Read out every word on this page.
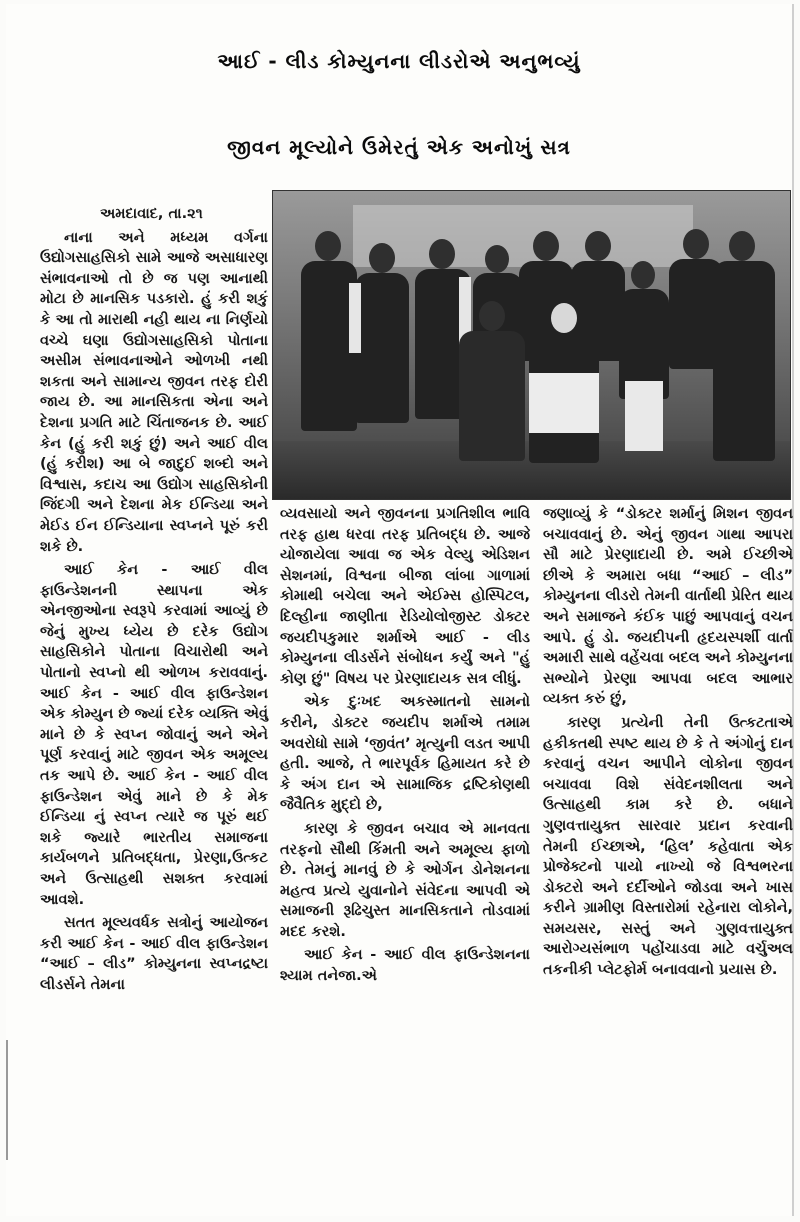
આઈ - લીડ કોમ્યુનના લીડરોએ અનુભવ્યું
જીવન મૂલ્યોને ઉમેરતું એક અનોખું સત્ર

અમદાવાદ, તા.૨૧

નાના અને મધ્યમ વર્ગના ઉદ્યોગસાહસિકો સામે આજે અસાધારણ સંભાવનાઓ તો છે જ પણ આનાથી મોટા છે માનસિક પડકારો. હું કરી શકું કે આ તો મારાથી નહી થાય ના નિર્ણયો વચ્ચે ઘણા ઉદ્યોગસાહસિકો પોતાના અસીમ સંભાવનાઓને ઓળખી નથી શકતા અને સામાન્ય જીવન તરફ દોરી જાય છે. આ માનસિકતા એના અને દેશના પ્રગતિ માટે ચિંતાજનક છે. આઈ કેન (હું કરી શકું છું) અને આઈ વીલ (હું કરીશ) આ બે જાદુઈ શબ્દો અને વિશ્વાસ, કદાચ આ ઉદ્યોગ સાહસિકોની જિંદગી અને દેશના મેક ઈન્ડિયા અને મેઈડ ઈન ઈન્ડિયાના સ્વપ્નને પૂરું કરી શકે છે.

આઈ કેન - આઈ વીલ ફાઉન્ડેશનની સ્થાપના એક એનજીઓના સ્વરૂપે કરવામાં આવ્યું છે જેનું મુખ્ય ધ્યેય છે દરેક ઉદ્યોગ સાહસિકોને પોતાના વિચારોથી અને પોતાનો સ્વપ્નો થી ઓળખ કરાવવાનું. આઈ કેન - આઈ વીલ ફાઉન્ડેશન એક કોમ્યુન છે જ્યાં દરેક વ્યક્તિ એવું માને છે કે સ્વપ્ન જોવાનું અને એને પૂર્ણ કરવાનું માટે જીવન એક અમૂલ્ય તક આપે છે. આઈ કેન - આઈ વીલ ફાઉન્ડેશન એવું માને છે કે મેક ઈન્ડિયા નું સ્વપ્ન ત્યારે જ પૂરું થઈ શકે જ્યારે ભારતીય સમાજના કાર્યબળને પ્રતિબદ્ધતા, પ્રેરણા,ઉત્કટ અને ઉત્સાહથી સશક્ત કરવામાં આવશે.

સતત મૂલ્યવર્ધક સત્રોનું આયોજન કરી આઈ કેન - આઈ વીલ ફાઉન્ડેશન “આઈ – લીડ” કોમ્યુનના સ્વપ્નદ્રષ્ટા લીડર્સને તેમના

વ્યવસાયો અને જીવનના પ્રગતિશીલ ભાવિ તરફ હાથ ધરવા તરફ પ્રતિબદ્ધ છે. આજે યોજાયેલા આવા જ એક વેલ્યુ એડિશન સેશનમાં, વિશ્વના બીજા લાંબા ગાળામાં કોમાથી બચેલા અને એઈમ્સ હોસ્પિટલ, દિલ્હીના જાણીતા રેડિયોલોજીસ્ટ ડોક્ટર જયદીપકુમાર શર્માએ આઈ - લીડ કોમ્યુનના લીડર્સને સંબોધન કર્યું અને "હું કોણ છું" વિષય પર પ્રેરણાદાયક સત્ર લીધું.

એક દુઃખદ અકસ્માતનો સામનો કરીને, ડોક્ટર જયદીપ શર્માએ તમામ અવરોધો સામે ‘જીવંત’ મૃત્યુની લડત આપી હતી. આજે, તે ભારપૂર્વક હિમાયત કરે છે કે અંગ દાન એ સામાજિક દ્રષ્ટિકોણથી જૈવૈતિક મુદ્દો છે,

કારણ કે જીવન બચાવ એ માનવતા તરફનો સૌથી કિંમતી અને અમૂલ્ય ફાળો છે. તેમનું માનવું છે કે ઓર્ગન ડોનેશનના મહત્વ પ્રત્યે યુવાનોને સંવેદના આપવી એ સમાજની રૂઢિચુસ્ત માનસિકતાને તોડવામાં મદદ કરશે.

આઈ કેન - આઈ વીલ ફાઉન્ડેશનના શ્યામ તનેજા.એ

જણાવ્યું કે “ડોક્ટર શર્માનું મિશન જીવન બચાવવાનું છે. એનું જીવન ગાથા આપરા સૌ માટે પ્રેરણાદાયી છે. અમે ઈચ્છીએ છીએ કે અમારા બધા “આઈ – લીડ” કોમ્યુનના લીડરો તેમની વાર્તાથી પ્રેરિત થાય અને સમાજને કંઈક પાછું આપવાનું વચન આપે. હું ડો. જયદીપની હૃદયસ્પર્શી વાર્તા અમારી સાથે વહેંચવા બદલ અને કોમ્યુનના સભ્યોને પ્રેરણા આપવા બદલ આભાર વ્યક્ત કરું છું,

કારણ પ્રત્યેની તેની ઉત્કટતાએ હકીકતથી સ્પષ્ટ થાય છે કે તે અંગોનું દાન કરવાનું વચન આપીને લોકોના જીવન બચાવવા વિશે સંવેદનશીલતા અને ઉત્સાહથી કામ કરે છે. બધાને ગુણવત્તાયુક્ત સારવાર પ્રદાન કરવાની તેમની ઈચ્છાએ, ‘હિલ’ કહેવાતા એક પ્રોજેક્ટનો પાયો નાખ્યો જે વિશ્વભરના ડોક્ટરો અને દર્દીઓને જોડવા અને ખાસ કરીને ગ્રામીણ વિસ્તારોમાં રહેનારા લોકોને, સમયસર, સસ્તું અને ગુણવત્તાયુક્ત આરોગ્યસંભાળ પહોંચાડવા માટે વર્ચુઅલ તકનીકી પ્લેટફોર્મ બનાવવાનો પ્રયાસ છે.
